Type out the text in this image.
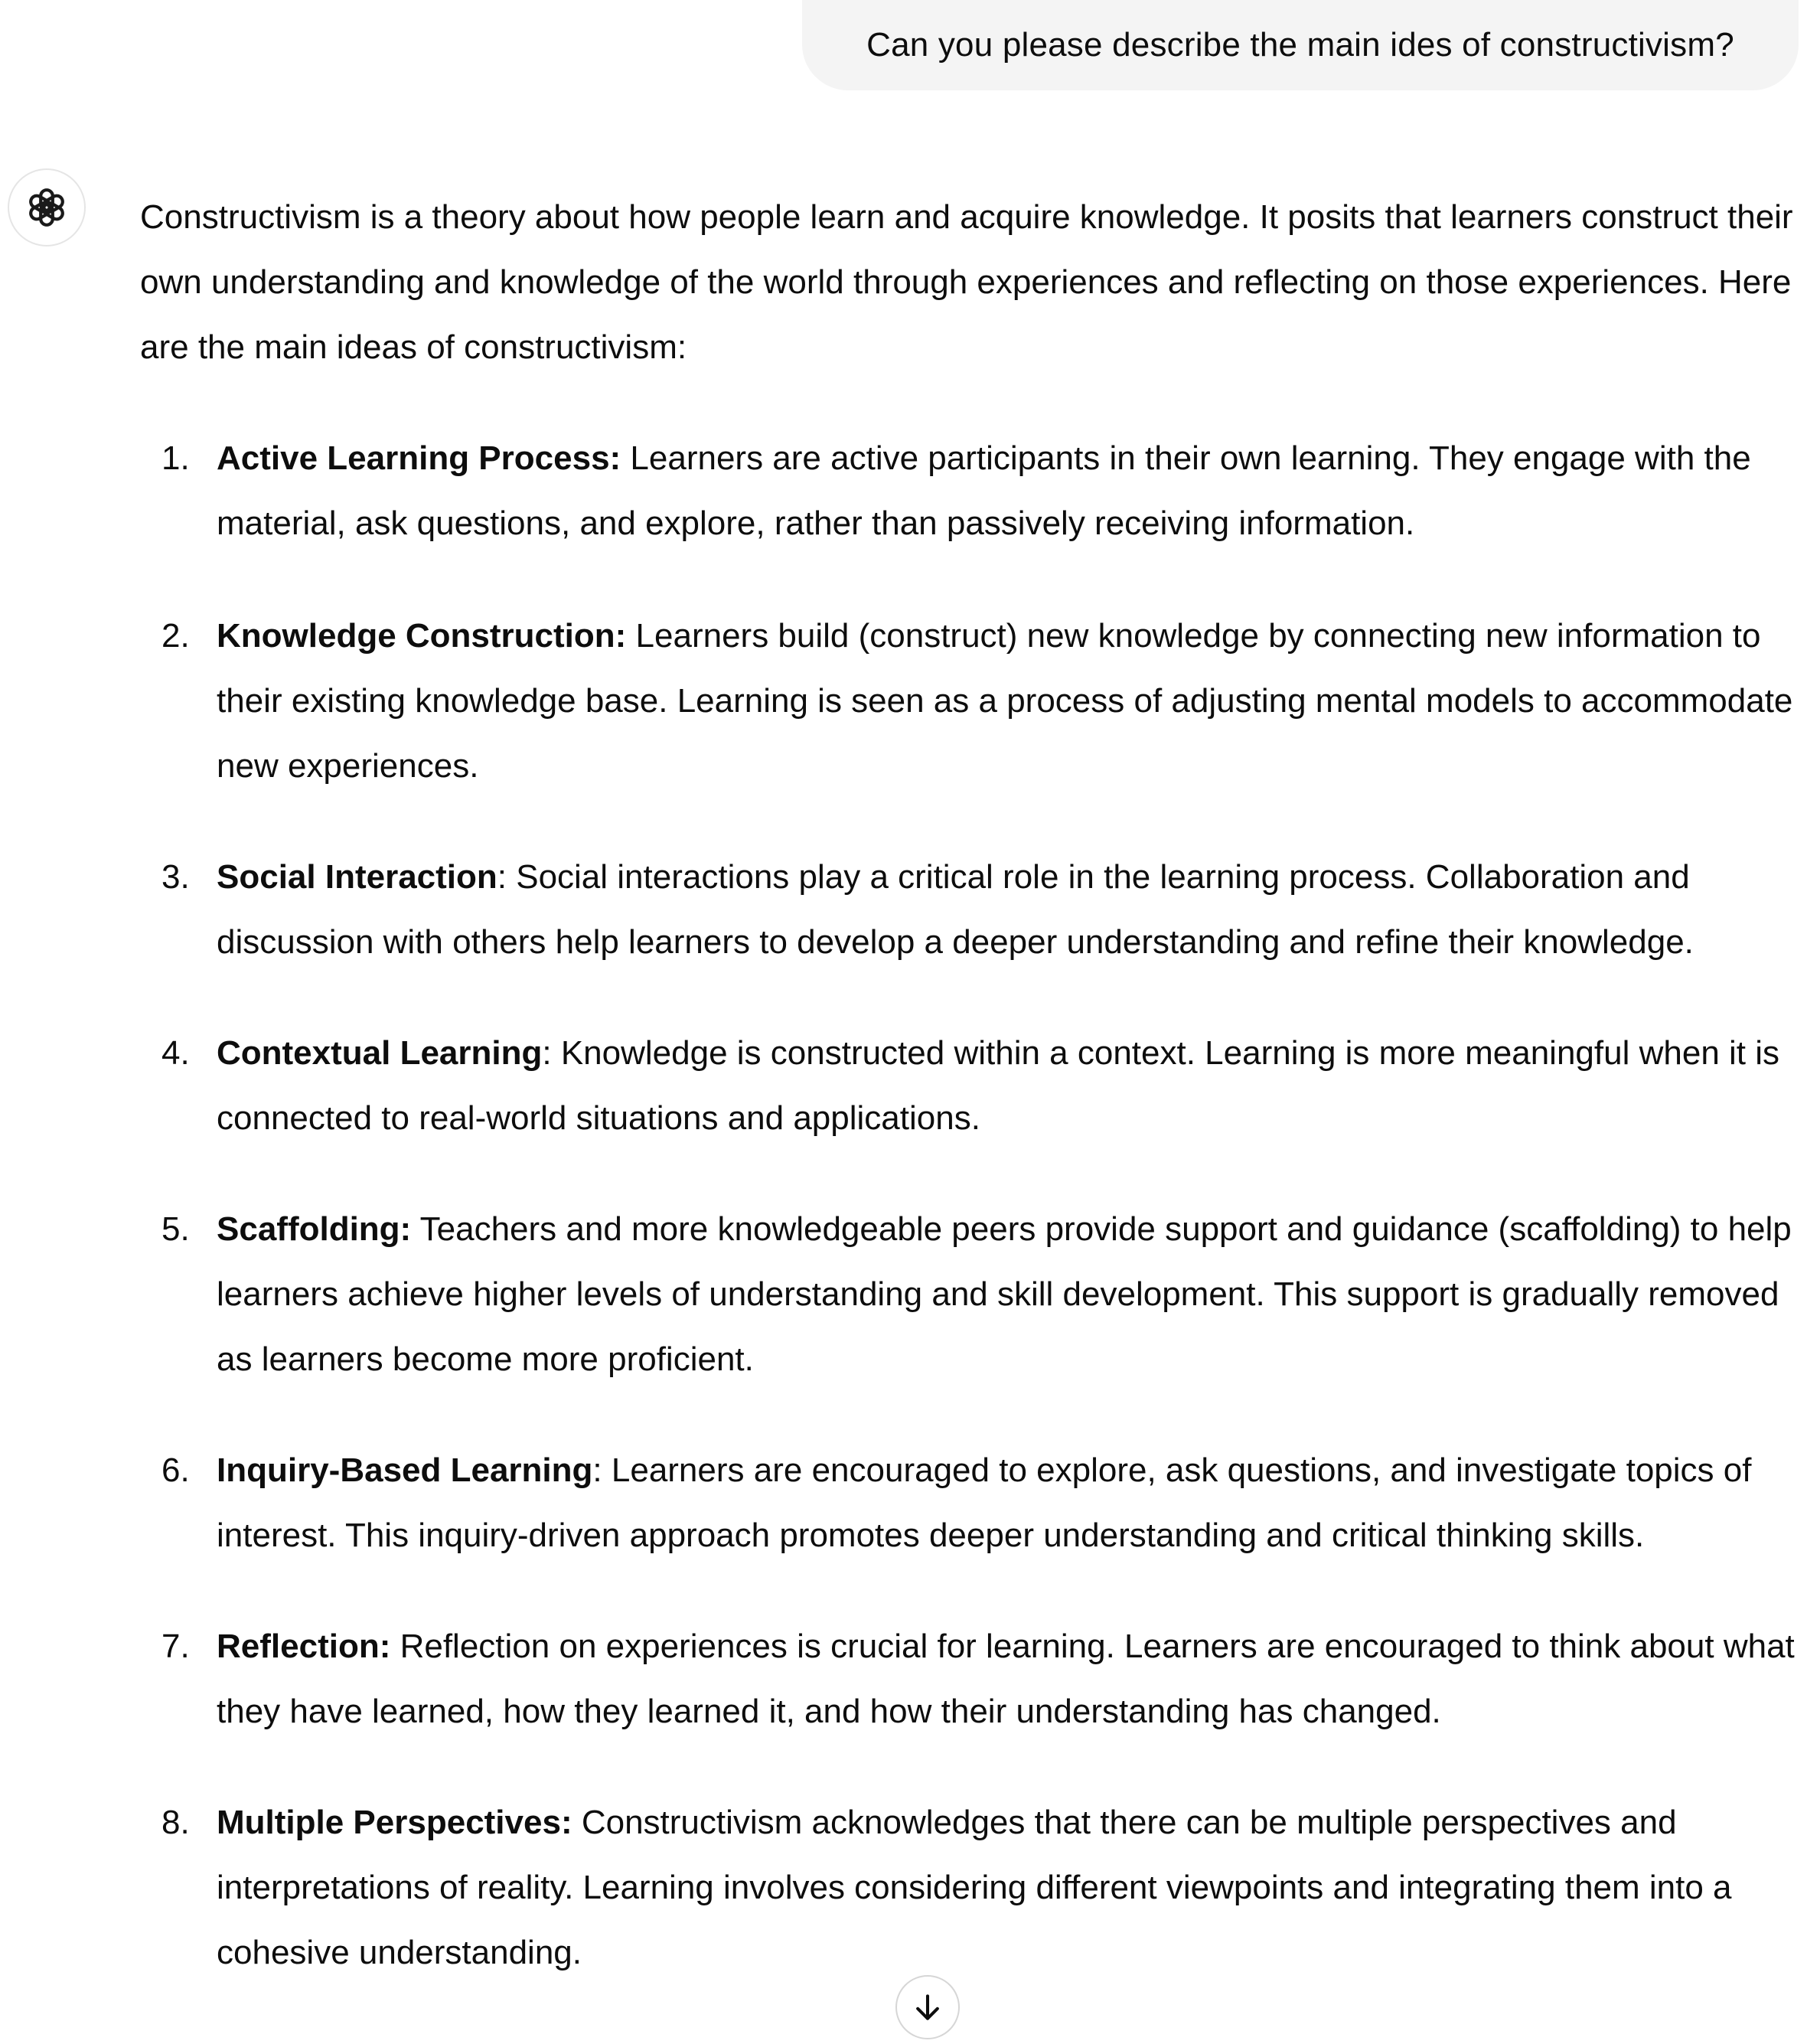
Can you please describe the main ides of constructivism?

Constructivism is a theory about how people learn and acquire knowledge. It posits that learners construct their own understanding and knowledge of the world through experiences and reflecting on those experiences. Here are the main ideas of constructivism:

1. Active Learning Process: Learners are active participants in their own learning. They engage with the material, ask questions, and explore, rather than passively receiving information.
2. Knowledge Construction: Learners build (construct) new knowledge by connecting new information to their existing knowledge base. Learning is seen as a process of adjusting mental models to accommodate new experiences.
3. Social Interaction: Social interactions play a critical role in the learning process. Collaboration and discussion with others help learners to develop a deeper understanding and refine their knowledge.
4. Contextual Learning: Knowledge is constructed within a context. Learning is more meaningful when it is connected to real-world situations and applications.
5. Scaffolding: Teachers and more knowledgeable peers provide support and guidance (scaffolding) to help learners achieve higher levels of understanding and skill development. This support is gradually removed as learners become more proficient.
6. Inquiry-Based Learning: Learners are encouraged to explore, ask questions, and investigate topics of interest. This inquiry-driven approach promotes deeper understanding and critical thinking skills.
7. Reflection: Reflection on experiences is crucial for learning. Learners are encouraged to think about what they have learned, how they learned it, and how their understanding has changed.
8. Multiple Perspectives: Constructivism acknowledges that there can be multiple perspectives and interpretations of reality. Learning involves considering different viewpoints and integrating them into a cohesive understanding.
